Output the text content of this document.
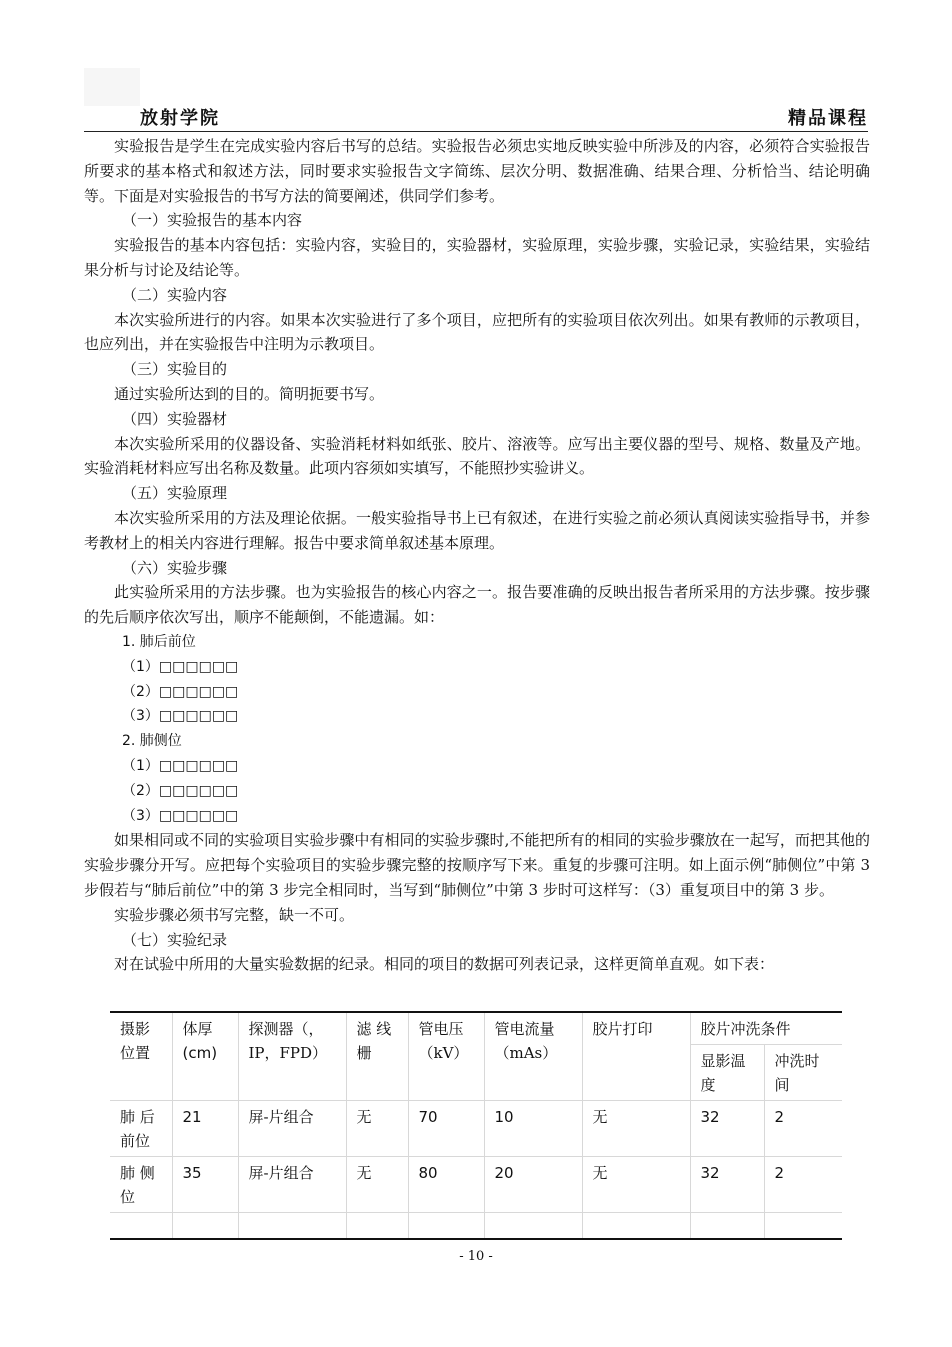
放射学院	精品课程

实验报告是学生在完成实验内容后书写的总结。实验报告必须忠实地反映实验中所涉及的内容，必须符合实验报告所要求的基本格式和叙述方法，同时要求实验报告文字简练、层次分明、数据准确、结果合理、分析恰当、结论明确等。下面是对实验报告的书写方法的简要阐述，供同学们参考。

（一）实验报告的基本内容

实验报告的基本内容包括：实验内容，实验目的，实验器材，实验原理，实验步骤，实验记录，实验结果，实验结果分析与讨论及结论等。

（二）实验内容

本次实验所进行的内容。如果本次实验进行了多个项目，应把所有的实验项目依次列出。如果有教师的示教项目，也应列出，并在实验报告中注明为示教项目。

（三）实验目的

通过实验所达到的目的。简明扼要书写。

（四）实验器材

本次实验所采用的仪器设备、实验消耗材料如纸张、胶片、溶液等。应写出主要仪器的型号、规格、数量及产地。实验消耗材料应写出名称及数量。此项内容须如实填写，不能照抄实验讲义。

（五）实验原理

本次实验所采用的方法及理论依据。一般实验指导书上已有叙述，在进行实验之前必须认真阅读实验指导书，并参考教材上的相关内容进行理解。报告中要求简单叙述基本原理。

（六）实验步骤

此实验所采用的方法步骤。也为实验报告的核心内容之一。报告要准确的反映出报告者所采用的方法步骤。按步骤的先后顺序依次写出，顺序不能颠倒，不能遗漏。如：

1. 肺后前位

（1）□□□□□□

（2）□□□□□□

（3）□□□□□□

2. 肺侧位

（1）□□□□□□

（2）□□□□□□

（3）□□□□□□

如果相同或不同的实验项目实验步骤中有相同的实验步骤时,不能把所有的相同的实验步骤放在一起写，而把其他的实验步骤分开写。应把每个实验项目的实验步骤完整的按顺序写下来。重复的步骤可注明。如上面示例“肺侧位”中第 3 步假若与“肺后前位”中的第 3 步完全相同时，当写到“肺侧位”中第 3 步时可这样写：（3）重复项目中的第 3 步。

实验步骤必须书写完整，缺一不可。

（七）实验纪录

对在试验中所用的大量实验数据的纪录。相同的项目的数据可列表记录，这样更简单直观。如下表：

摄影位置	体厚(cm)	探测器（，IP，FPD）	滤 线栅	管电压（kV）	管电流量（mAs）	胶片打印	胶片冲洗条件	
							显影温度	冲洗时间
肺 后前位	21	屏-片组合	无	70	10	无	32	2
肺 侧位	35	屏-片组合	无	80	20	无	32	2

- 10 -
